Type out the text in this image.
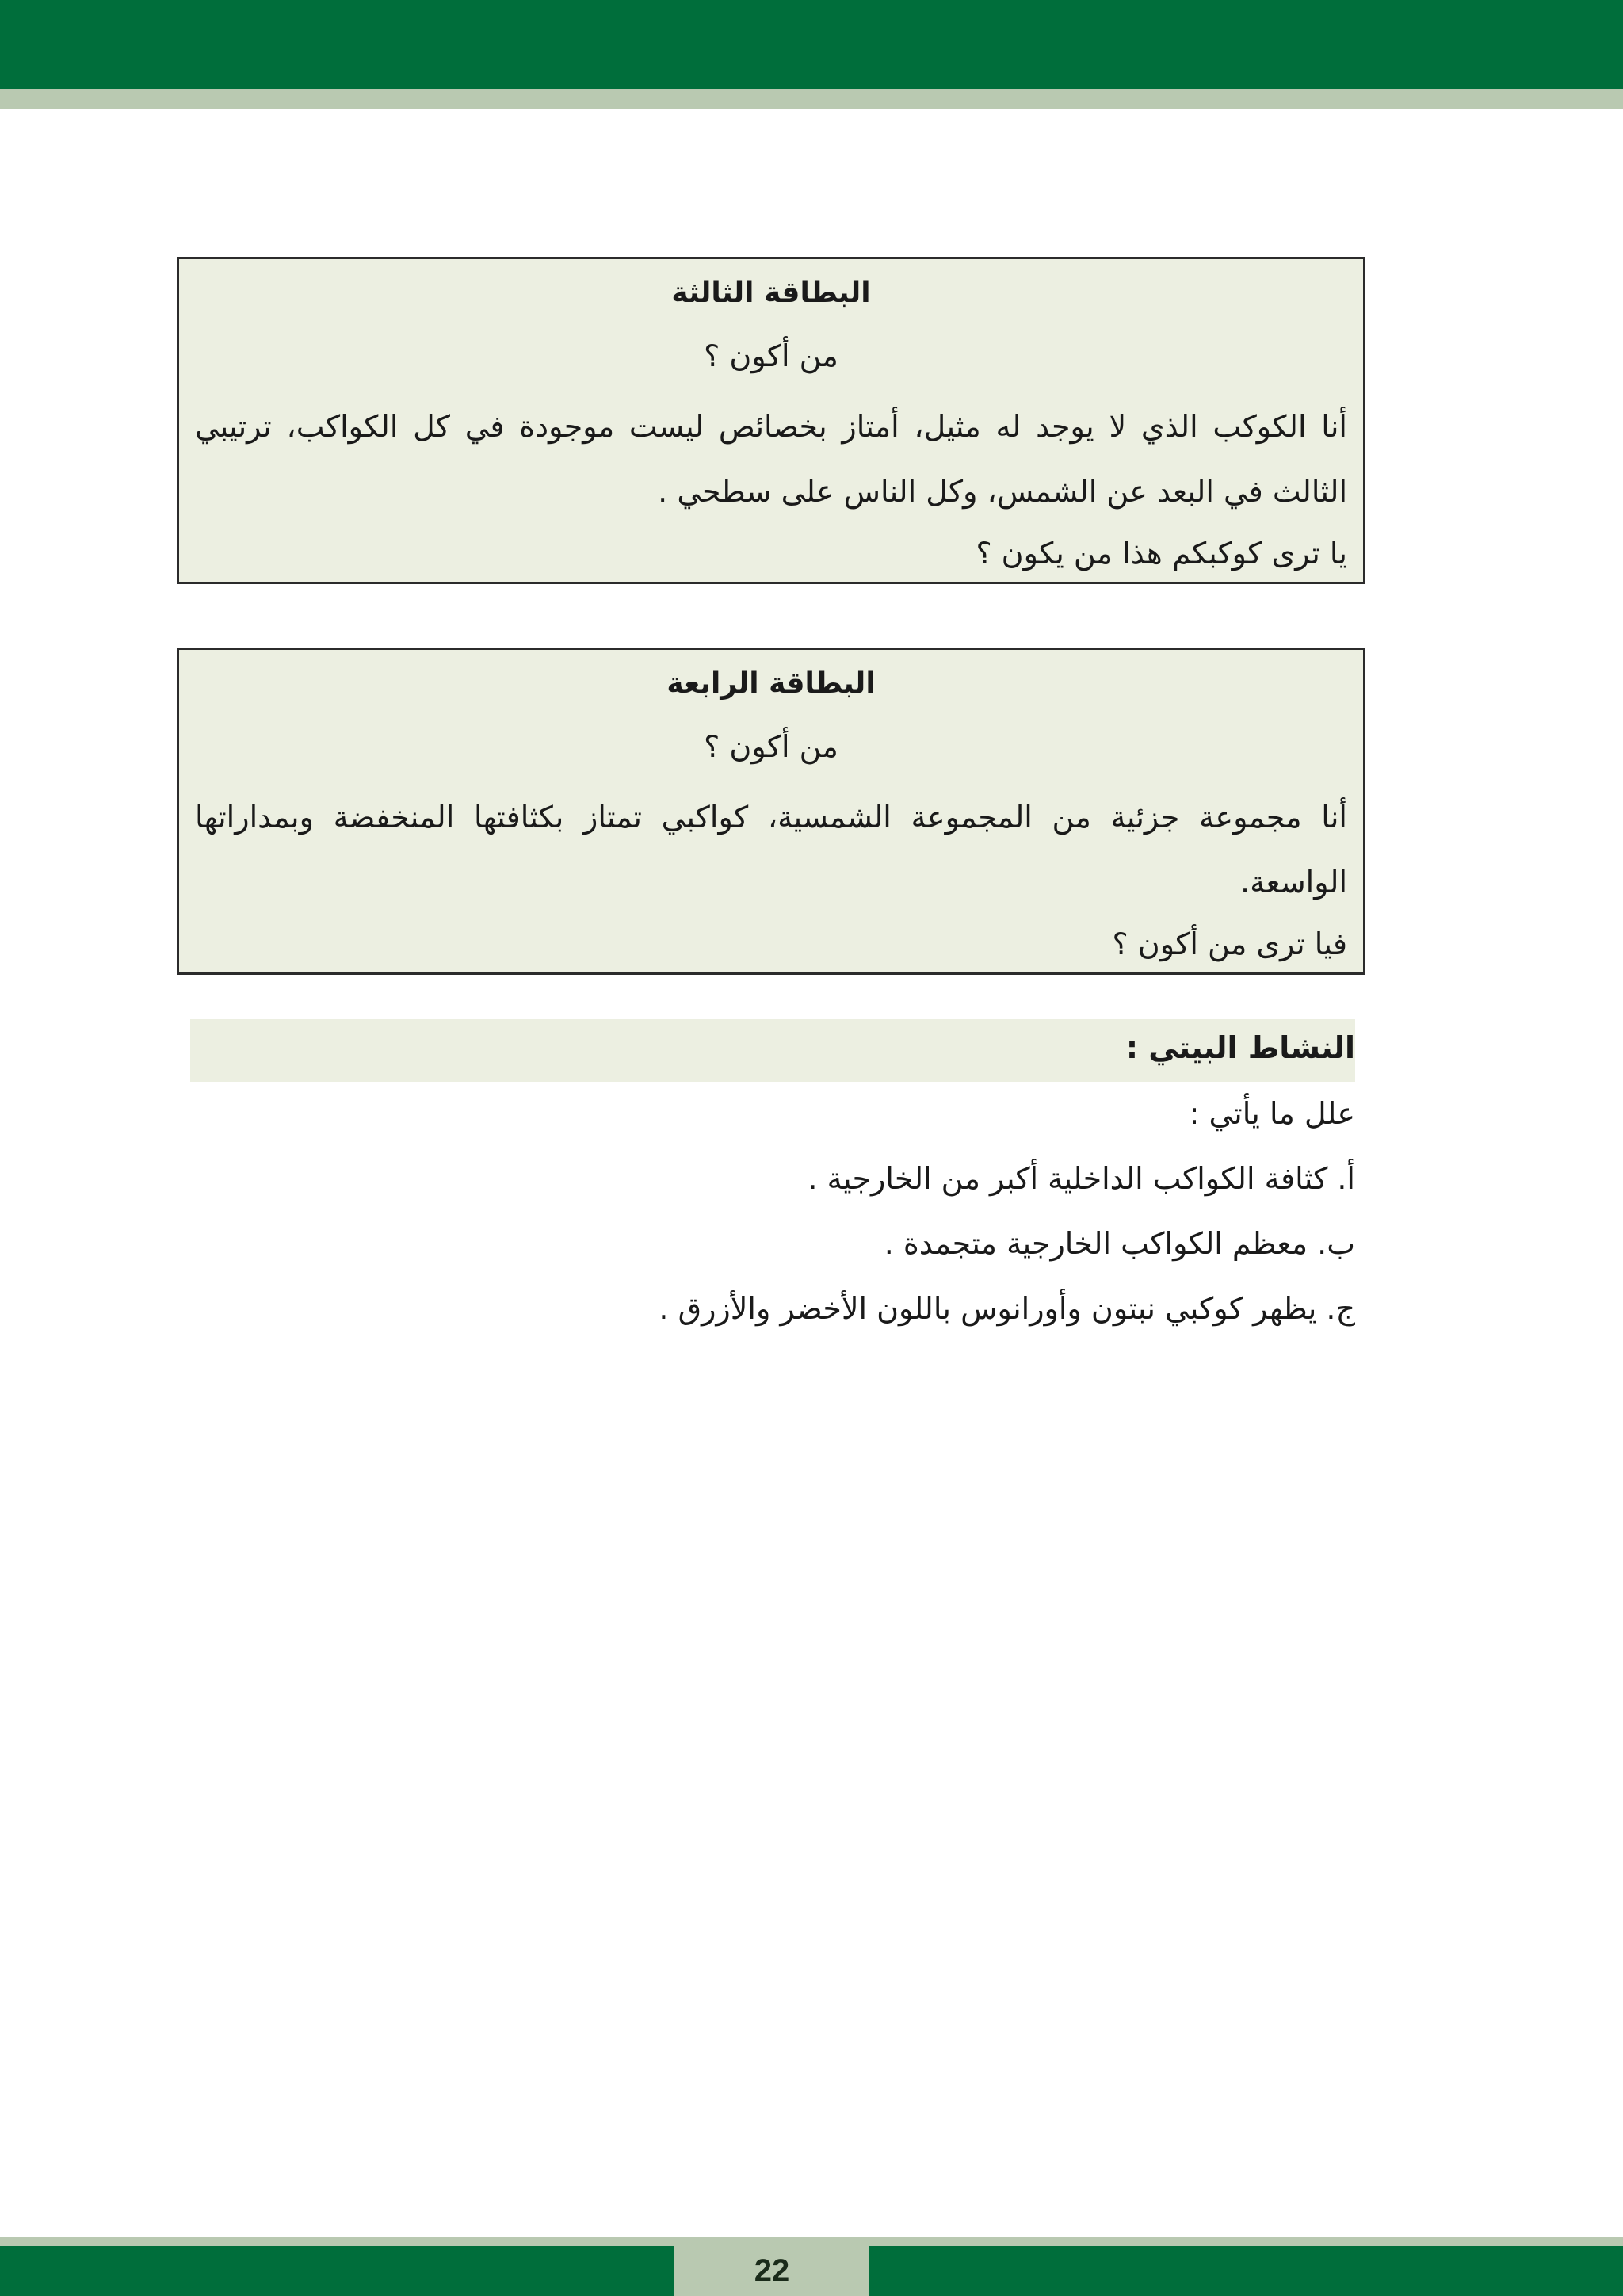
البطاقة الثالثة
من أكون ؟
أنا الكوكب الذي لا يوجد له مثيل، أمتاز بخصائص ليست موجودة في كل الكواكب، ترتيبي الثالث في البعد عن الشمس، وكل الناس على سطحي .
يا ترى كوكبكم هذا من يكون ؟
البطاقة الرابعة
من أكون ؟
أنا مجموعة جزئية من المجموعة الشمسية، كواكبي تمتاز بكثافتها المنخفضة وبمداراتها الواسعة.
فيا ترى من أكون ؟
النشاط البيتي :
علل ما يأتي :
أ. كثافة الكواكب الداخلية أكبر من الخارجية .
ب. معظم الكواكب الخارجية متجمدة .
ج. يظهر كوكبي نبتون وأورانوس باللون الأخضر والأزرق .
22
